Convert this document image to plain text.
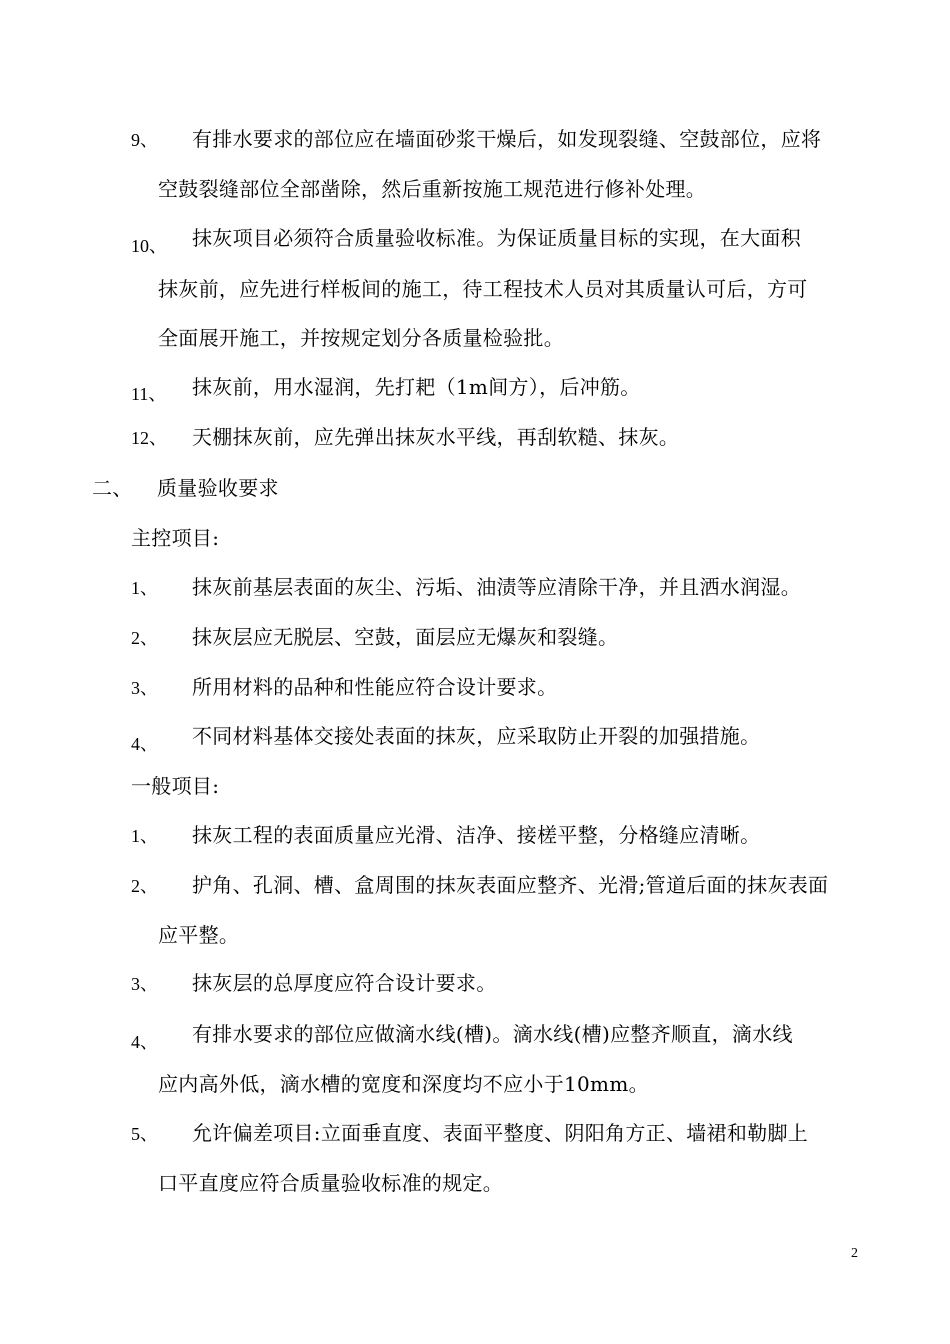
9、 有排水要求的部位应在墙面砂浆干燥后，如发现裂缝、空鼓部位，应将
空鼓裂缝部位全部凿除，然后重新按施工规范进行修补处理。
10、 抹灰项目必须符合质量验收标准。为保证质量目标的实现，在大面积
抹灰前，应先进行样板间的施工，待工程技术人员对其质量认可后，方可
全面展开施工，并按规定划分各质量检验批。
11、 抹灰前，用水湿润，先打耙（1m间方），后冲筋。
12、 天棚抹灰前，应先弹出抹灰水平线，再刮软糙、抹灰。
二、 质量验收要求
主控项目:
1、 抹灰前基层表面的灰尘、污垢、油渍等应清除干净，并且洒水润湿。
2、 抹灰层应无脱层、空鼓，面层应无爆灰和裂缝。
3、 所用材料的品种和性能应符合设计要求。
4、 不同材料基体交接处表面的抹灰，应采取防止开裂的加强措施。
一般项目:
1、 抹灰工程的表面质量应光滑、洁净、接槎平整，分格缝应清晰。
2、 护角、孔洞、槽、盒周围的抹灰表面应整齐、光滑;管道后面的抹灰表面
应平整。
3、 抹灰层的总厚度应符合设计要求。
4、 有排水要求的部位应做滴水线(槽)。滴水线(槽)应整齐顺直，滴水线
应内高外低，滴水槽的宽度和深度均不应小于10mm。
5、 允许偏差项目:立面垂直度、表面平整度、阴阳角方正、墙裙和勒脚上
口平直度应符合质量验收标准的规定。
2
